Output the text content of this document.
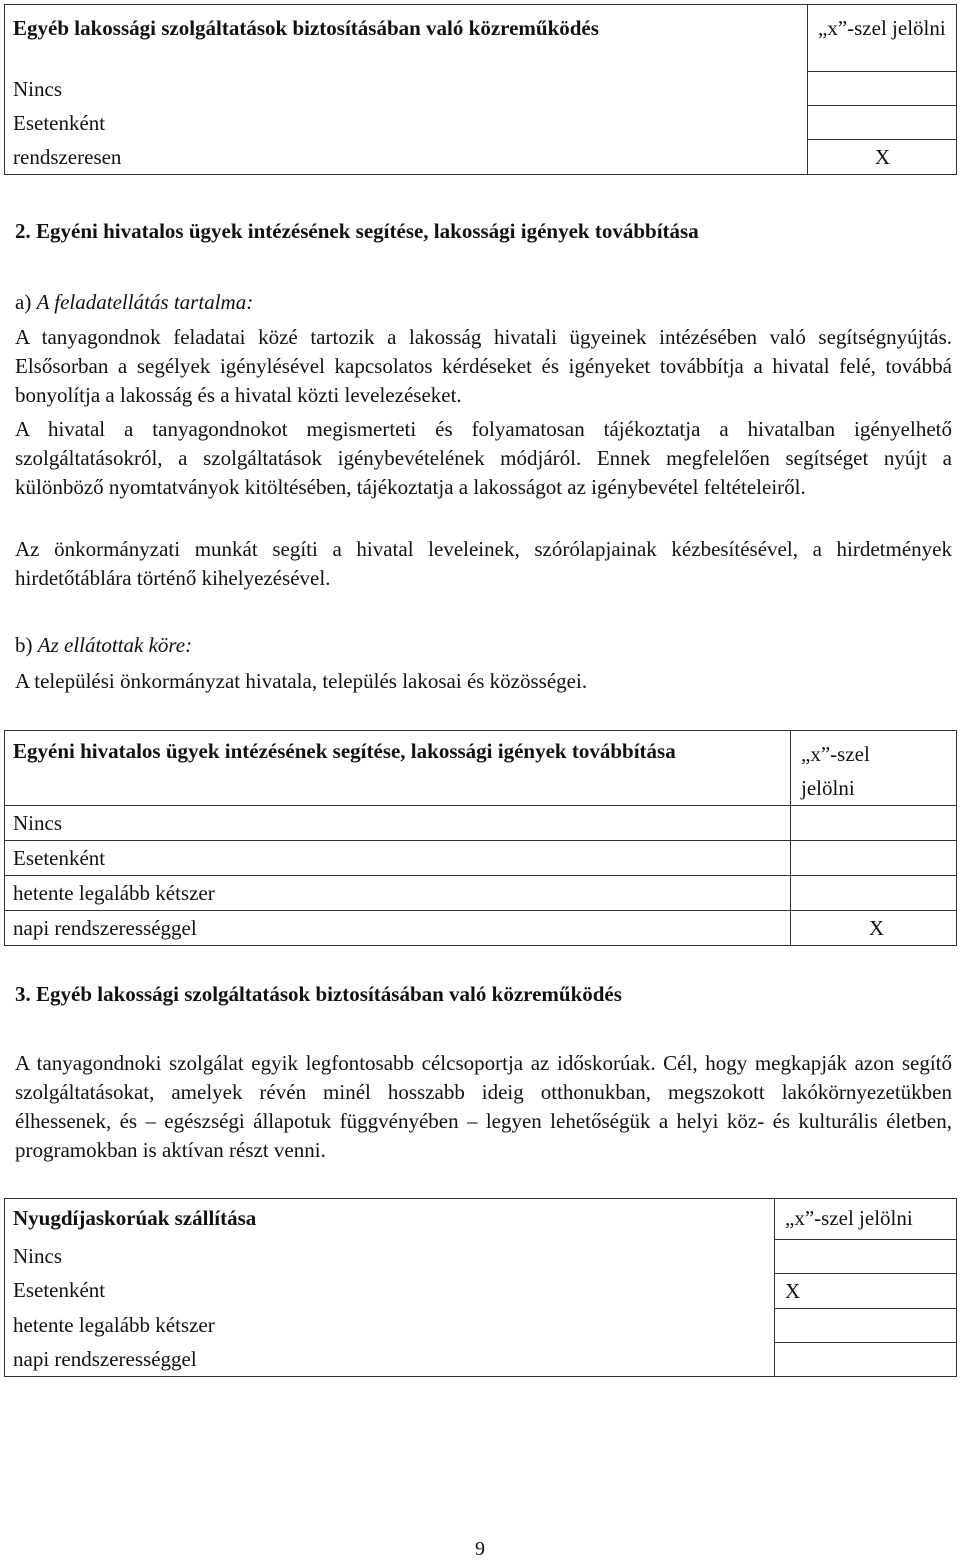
Egyéb lakossági szolgáltatások biztosításában való közreműködés	„x”-szel jelölni
Nincs	
Esetenként	
rendszeresen	X

2. Egyéni hivatalos ügyek intézésének segítése, lakossági igények továbbítása

a) A feladatellátás tartalma:

A tanyagondnok feladatai közé tartozik a lakosság hivatali ügyeinek intézésében való segítségnyújtás. Elsősorban a segélyek igénylésével kapcsolatos kérdéseket és igényeket továbbítja a hivatal felé, továbbá bonyolítja a lakosság és a hivatal közti levelezéseket.

A hivatal a tanyagondnokot megismerteti és folyamatosan tájékoztatja a hivatalban igényelhető szolgáltatásokról, a szolgáltatások igénybevételének módjáról. Ennek megfelelően segítséget nyújt a különböző nyomtatványok kitöltésében, tájékoztatja a lakosságot az igénybevétel feltételeiről.

Az önkormányzati munkát segíti a hivatal leveleinek, szórólapjainak kézbesítésével, a hirdetmények hirdetőtáblára történő kihelyezésével.

b) Az ellátottak köre:

A települési önkormányzat hivatala, település lakosai és közösségei.

Egyéni hivatalos ügyek intézésének segítése, lakossági igények továbbítása	„x”-szel jelölni
Nincs	
Esetenként	
hetente legalább kétszer	
napi rendszerességgel	X

3. Egyéb lakossági szolgáltatások biztosításában való közreműködés

A tanyagondnoki szolgálat egyik legfontosabb célcsoportja az időskorúak. Cél, hogy megkapják azon segítő szolgáltatásokat, amelyek révén minél hosszabb ideig otthonukban, megszokott lakókörnyezetükben élhessenek, és – egészségi állapotuk függvényében – legyen lehetőségük a helyi köz- és kulturális életben, programokban is aktívan részt venni.

Nyugdíjaskorúak szállítása	„x”-szel jelölni
Nincs	
Esetenként	X
hetente legalább kétszer	
napi rendszerességgel	
9
